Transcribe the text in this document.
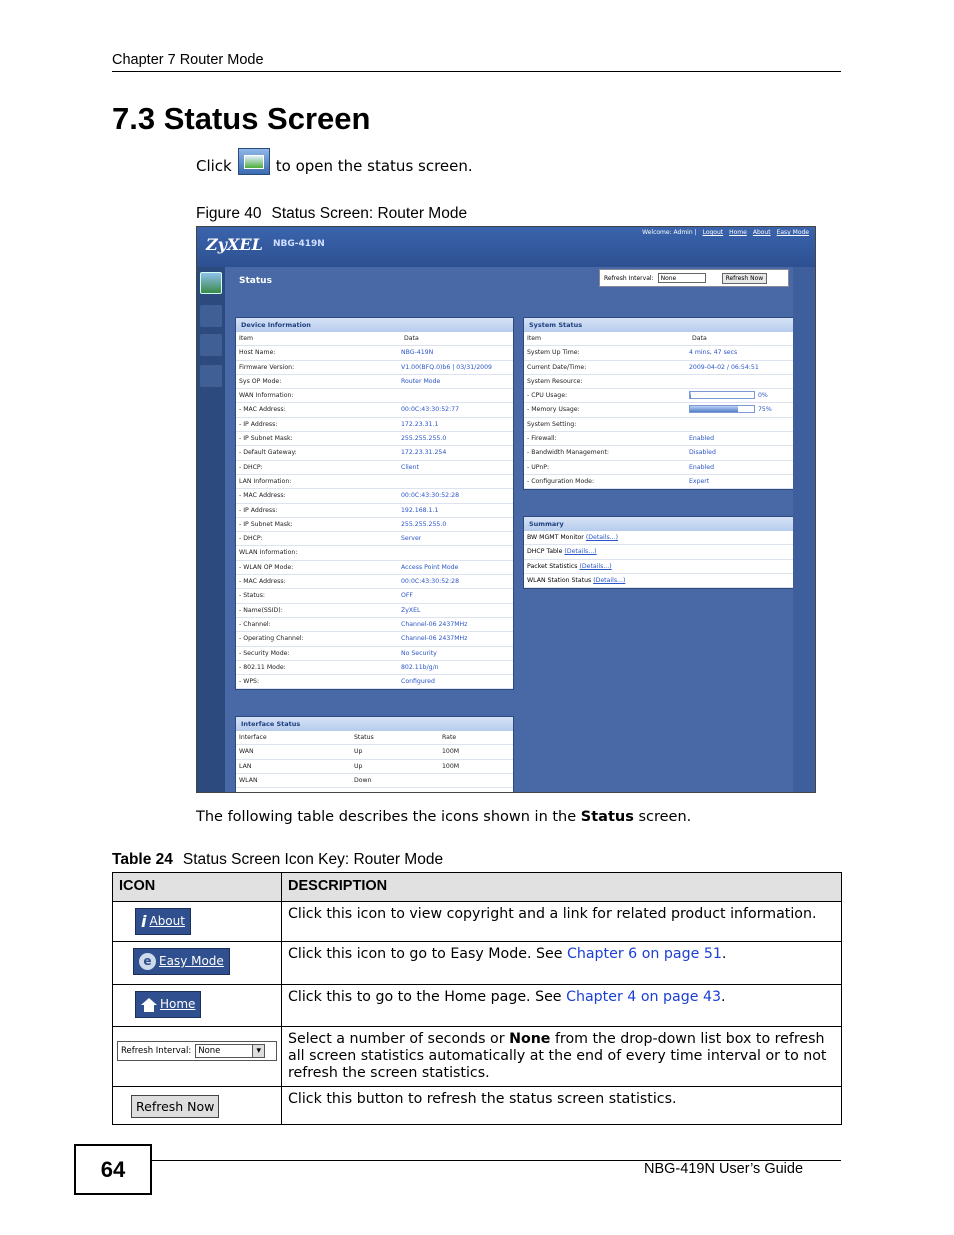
Chapter 7 Router Mode
7.3 Status Screen
Click	to open the status screen.
Figure 40 Status Screen: Router Mode
ZyXEL NBG-419N
Welcome: Admin | Logout Home About Easy Mode
Status	Refresh Interval:	None	Refresh Now
Device Information
Item	Data
Host Name:	NBG-419N
Firmware Version:	V1.00(BFQ.0)b6 | 03/31/2009
Sys OP Mode:	Router Mode
WAN Information:
- MAC Address:	00:0C:43:30:52:77
- IP Address:	172.23.31.1
- IP Subnet Mask:	255.255.255.0
- Default Gateway:	172.23.31.254
- DHCP:	Client
LAN Information:
- MAC Address:	00:0C:43:30:52:28
- IP Address:	192.168.1.1
- IP Subnet Mask:	255.255.255.0
- DHCP:	Server
WLAN Information:
- WLAN OP Mode:	Access Point Mode
- MAC Address:	00:0C:43:30:52:28
- Status:	OFF
- Name(SSID):	ZyXEL
- Channel:	Channel-06 2437MHz
- Operating Channel:	Channel-06 2437MHz
- Security Mode:	No Security
- 802.11 Mode:	802.11b/g/n
- WPS:	Configured
System Status
Item	Data
System Up Time:	4 mins, 47 secs
Current Date/Time:	2009-04-02 / 06:54:51
System Resource:
- CPU Usage:	0%
- Memory Usage:	75%
System Setting:
- Firewall:	Enabled
- Bandwidth Management:	Disabled
- UPnP:	Enabled
- Configuration Mode:	Expert
Summary
BW MGMT Monitor (Details...)
DHCP Table (Details...)
Packet Statistics (Details...)
WLAN Station Status (Details...)
Interface Status
Interface	Status	Rate
WAN	Up	100M
LAN	Up	100M
WLAN	Down
The following table describes the icons shown in the Status screen.
Table 24 Status Screen Icon Key: Router Mode
ICON	DESCRIPTION

i About	Click this icon to view copyright and a link for related product information.

e Easy Mode	Click this icon to go to Easy Mode. See Chapter 6 on page 51.

Home	Click this to go to the Home page. See Chapter 4 on page 43.

Refresh Interval: None ▾	Select a number of seconds or None from the drop-down list box to refresh all screen statistics automatically at the end of every time interval or to not refresh the screen statistics.
Refresh Now	Click this button to refresh the status screen statistics.
64	NBG-419N User’s Guide
